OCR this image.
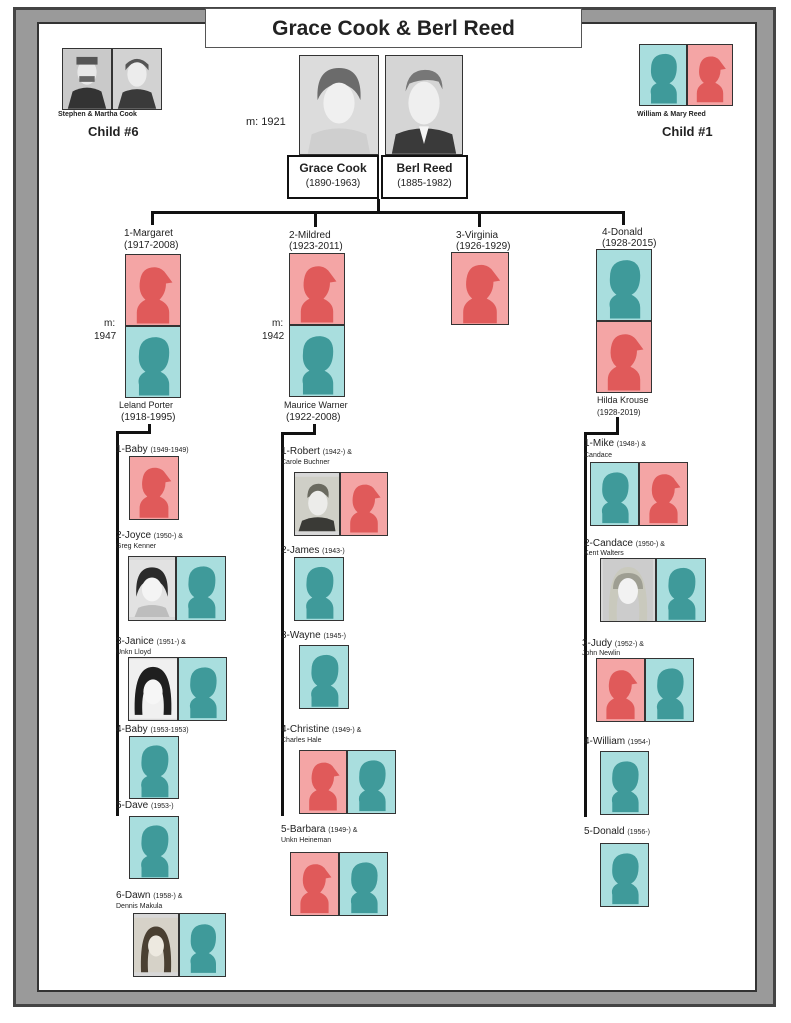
Grace Cook & Berl Reed
Stephen & Martha Cook
Child #6
William & Mary Reed
Child #1
m: 1921
Grace Cook
(1890-1963)
Berl Reed
(1885-1982)
1-Margaret
(1917-2008)
m:
1947
Leland Porter
(1918-1995)
1-Baby (1949-1949)
2-Joyce (1950-) &
Greg Kenner
3-Janice (1951-) &
Unkn Lloyd
4-Baby (1953-1953)
5-Dave (1953-)
6-Dawn (1958-) &
Dennis Makula
2-Mildred
(1923-2011)
m:
1942
Maurice Warner
(1922-2008)
1-Robert (1942-) &
Carole Buchner
2-James (1943-)
3-Wayne (1945-)
4-Christine (1949-) &
Charles Hale
5-Barbara (1949-) &
Unkn Heineman
3-Virginia
(1926-1929)
4-Donald
(1928-2015)
Hilda Krouse
(1928-2019)
1-Mike (1948-) &
Candace
2-Candace (1950-) &
Kent Walters
3-Judy (1952-) &
John Newlin
4-William (1954-)
5-Donald (1956-)
